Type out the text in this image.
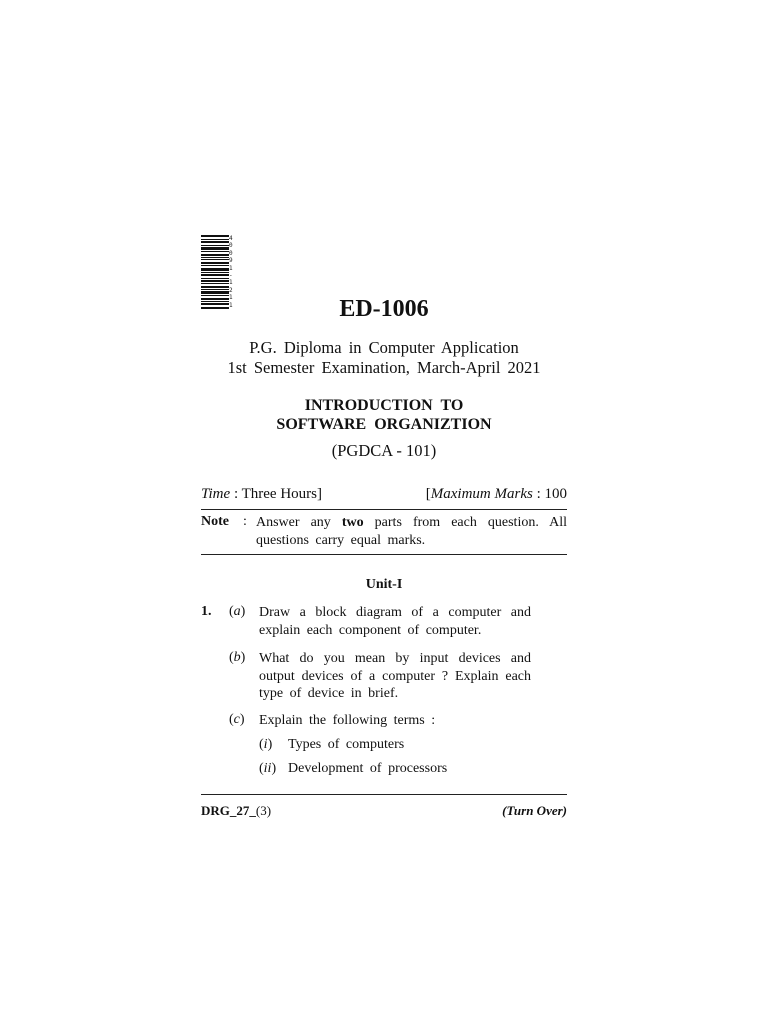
4 0 0 9 1 - 1 2 1 1	ED-1006
P.G. Diploma in Computer Application
1st Semester Examination, March-April 2021
INTRODUCTION TO
SOFTWARE ORGANIZTION
(PGDCA - 101)
Time : Three Hours]	[Maximum Marks : 100
Note : Answer any two parts from each question. All questions carry equal marks.
Unit-I
1. (a) Draw a block diagram of a computer and explain each component of computer.
(b) What do you mean by input devices and output devices of a computer ? Explain each type of device in brief.
(c) Explain the following terms :
(i) Types of computers
(ii) Development of processors
DRG_27_(3)	(Turn Over)
